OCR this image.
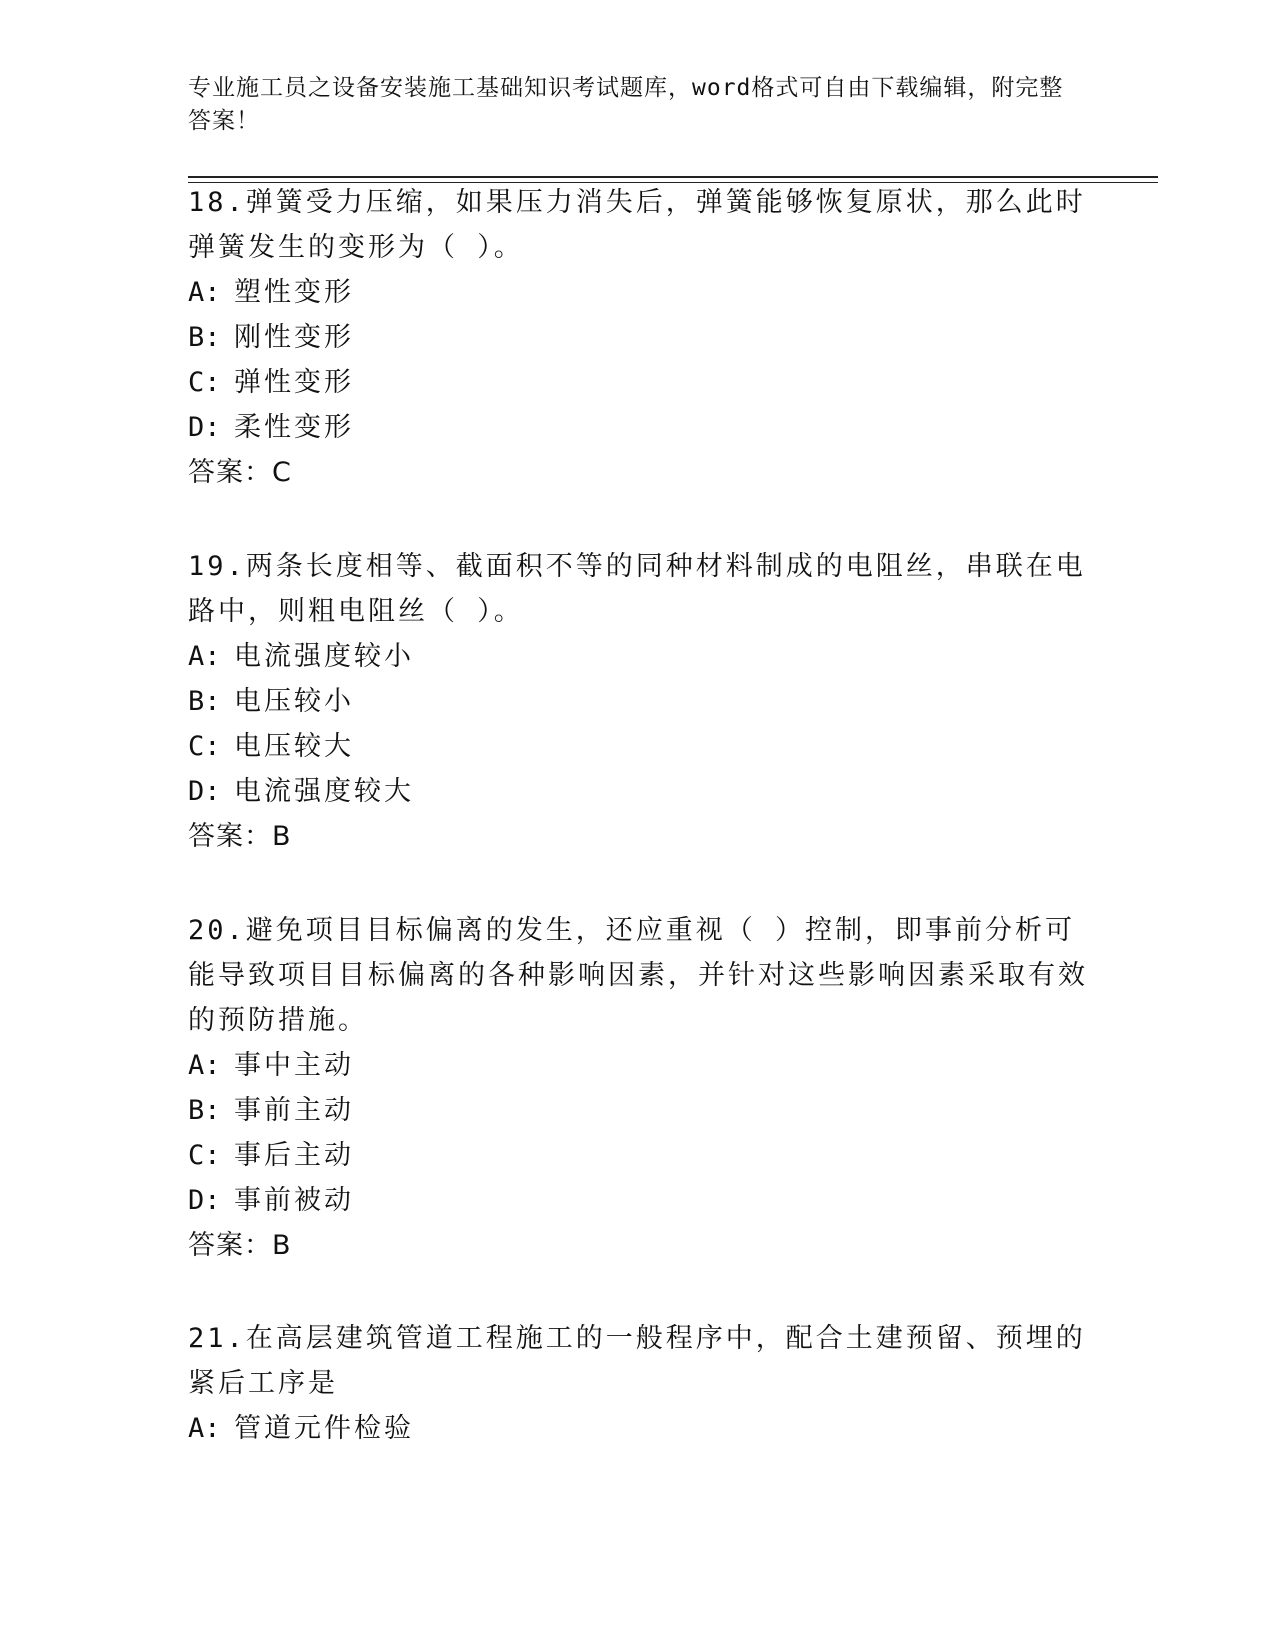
专业施工员之设备安装施工基础知识考试题库，word格式可自由下载编辑，附完整答案！

18.弹簧受力压缩，如果压力消失后，弹簧能够恢复原状，那么此时弹簧发生的变形为（ ）。

A: 塑性变形

B: 刚性变形

C: 弹性变形

D: 柔性变形

答案：C

19.两条长度相等、截面积不等的同种材料制成的电阻丝，串联在电路中，则粗电阻丝（ ）。

A: 电流强度较小

B: 电压较小

C: 电压较大

D: 电流强度较大

答案：B

20.避免项目目标偏离的发生，还应重视（ ）控制，即事前分析可能导致项目目标偏离的各种影响因素，并针对这些影响因素采取有效的预防措施。

A: 事中主动

B: 事前主动

C: 事后主动

D: 事前被动

答案：B

21.在高层建筑管道工程施工的一般程序中，配合土建预留、预埋的紧后工序是

A: 管道元件检验
